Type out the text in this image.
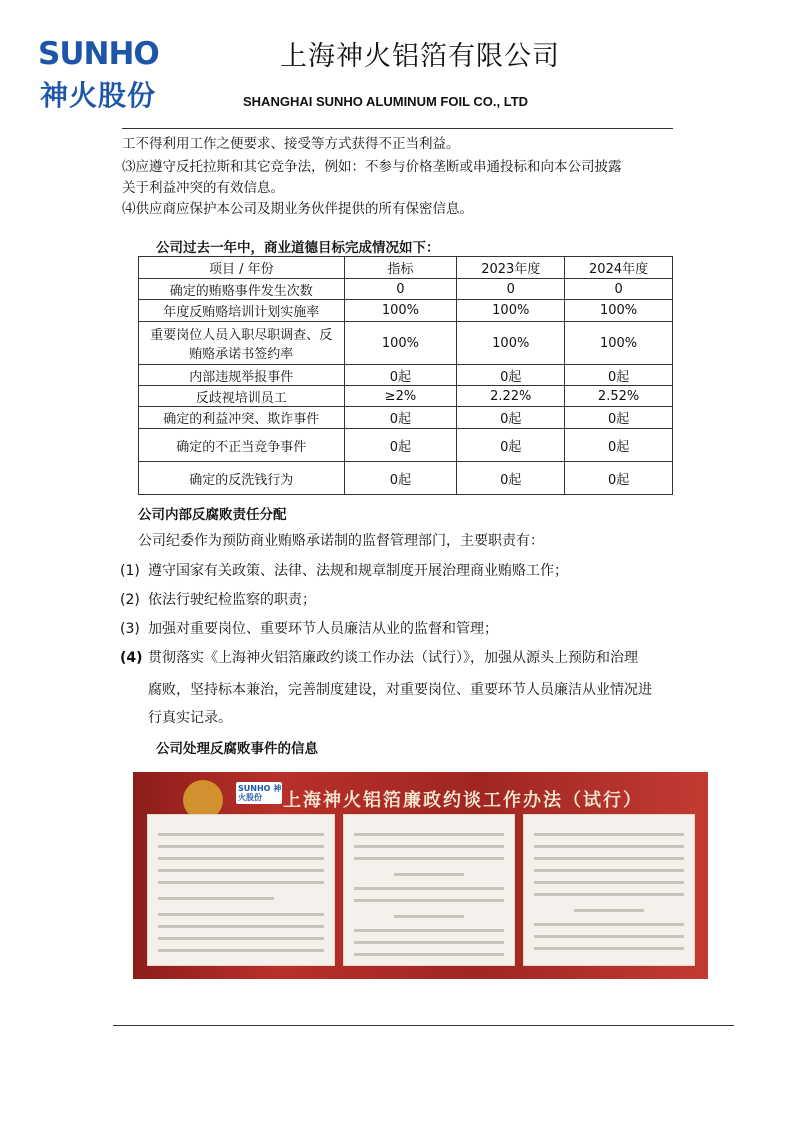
SUNHO
神火股份
上海神火铝箔有限公司
SHANGHAI SUNHO ALUMINUM FOIL CO., LTD
工不得利用工作之便要求、接受等方式获得不正当利益。
⑶应遵守反托拉斯和其它竞争法，例如：不参与价格垄断或串通投标和向本公司披露
关于利益冲突的有效信息。
⑷供应商应保护本公司及期业务伙伴提供的所有保密信息。
公司过去一年中，商业道德目标完成情况如下：
项目 / 年份	指标	2023年度	2024年度
确定的贿赂事件发生次数	0	0	0
年度反贿赂培训计划实施率	100%	100%	100%
重要岗位人员入职尽职调查、反贿赂承诺书签约率	100%	100%	100%
内部违规举报事件	0起	0起	0起
反歧视培训员工	≥2%	2.22%	2.52%
确定的利益冲突、欺诈事件	0起	0起	0起
确定的不正当竞争事件	0起	0起	0起
确定的反洗钱行为	0起	0起	0起
公司内部反腐败责任分配
公司纪委作为预防商业贿赂承诺制的监督管理部门，主要职责有：
(1) 遵守国家有关政策、法律、法规和规章制度开展治理商业贿赂工作；
(2) 依法行驶纪检监察的职责；
(3) 加强对重要岗位、重要环节人员廉洁从业的监督和管理；
(4) 贯彻落实《上海神火铝箔廉政约谈工作办法（试行）》，加强从源头上预防和治理
腐败，坚持标本兼治，完善制度建设，对重要岗位、重要环节人员廉洁从业情况进
行真实记录。
公司处理反腐败事件的信息
SUNHO 神火股份	上海神火铝箔廉政约谈工作办法（试行）
